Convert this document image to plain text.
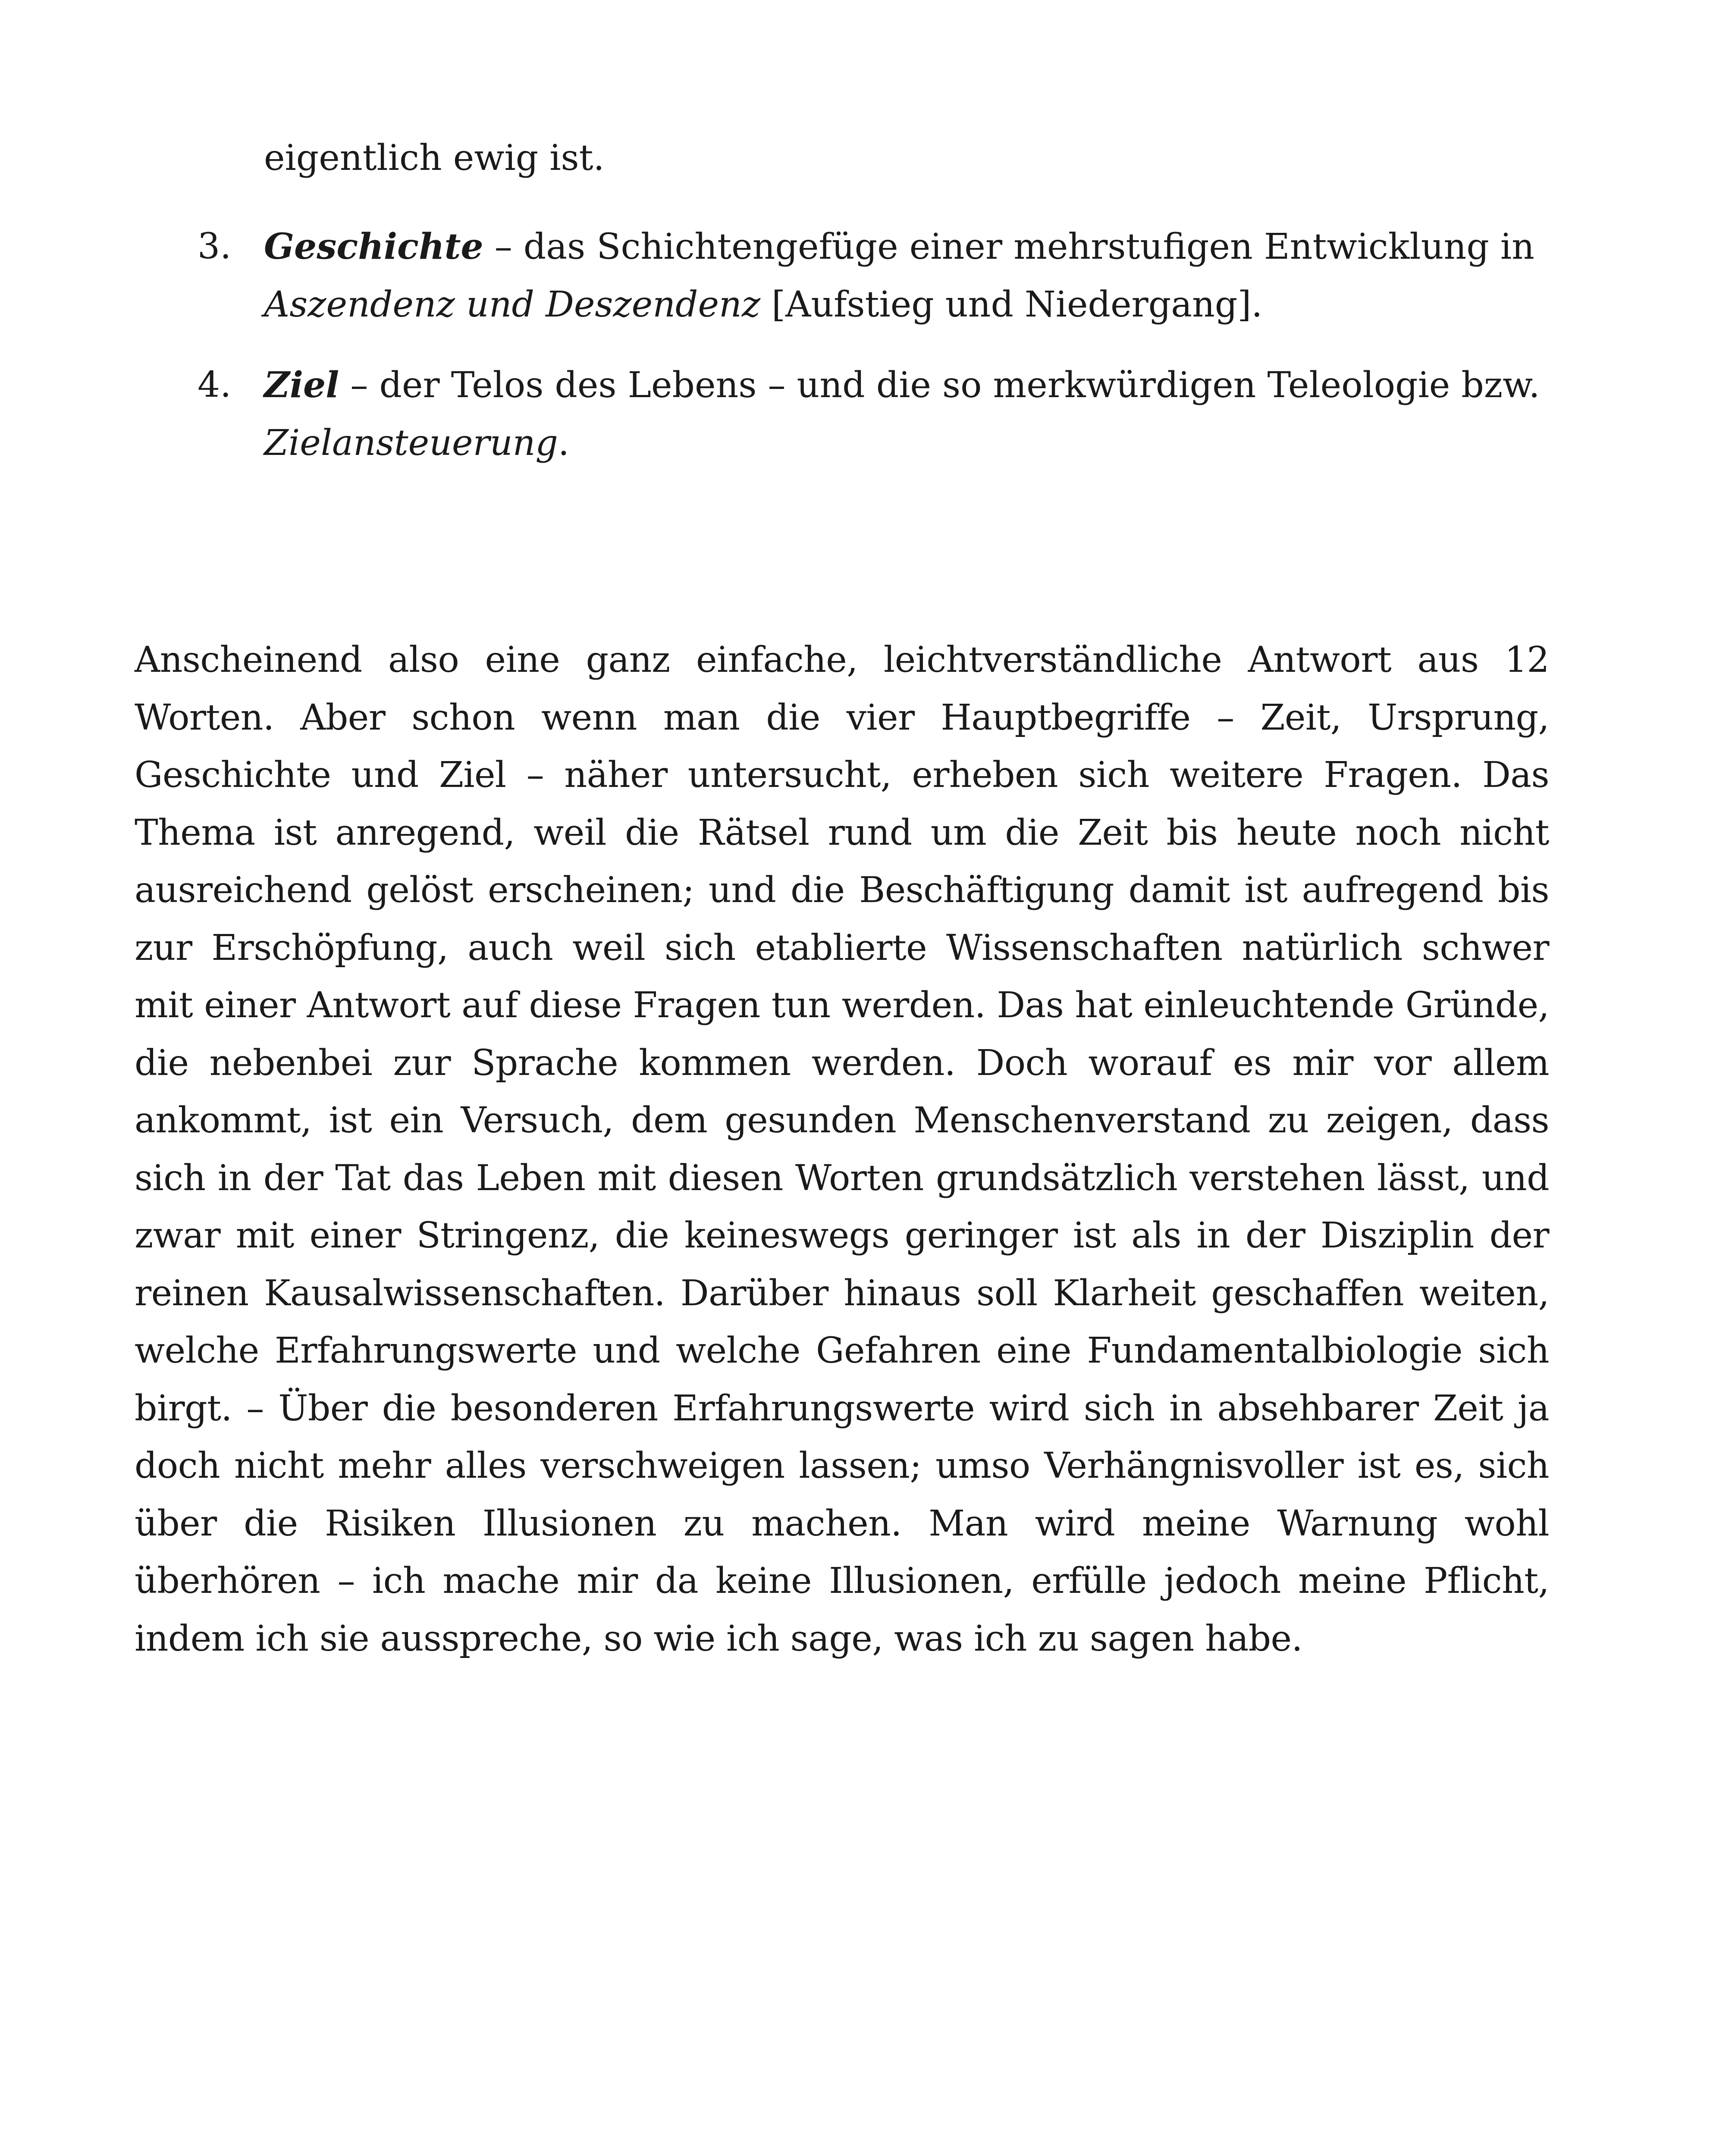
eigentlich ewig ist.
3. Geschichte – das Schichtengefüge einer mehrstufigen Entwicklung in Aszendenz und Deszendenz [Aufstieg und Niedergang].
4. Ziel – der Telos des Lebens – und die so merkwürdigen Teleologie bzw. Zielansteuerung.

Anscheinend also eine ganz einfache, leichtverständliche Antwort aus 12 Worten. Aber schon wenn man die vier Hauptbegriffe – Zeit, Ursprung, Geschichte und Ziel – näher untersucht, erheben sich weitere Fragen. Das Thema ist anregend, weil die Rätsel rund um die Zeit bis heute noch nicht ausreichend gelöst erscheinen; und die Beschäftigung damit ist aufregend bis zur Erschöpfung, auch weil sich etablierte Wissenschaften natürlich schwer mit einer Antwort auf diese Fragen tun werden. Das hat einleuchtende Gründe, die nebenbei zur Sprache kommen werden. Doch worauf es mir vor allem ankommt, ist ein Versuch, dem gesunden Menschenverstand zu zeigen, dass sich in der Tat das Leben mit diesen Worten grundsätzlich verstehen lässt, und zwar mit einer Stringenz, die keineswegs geringer ist als in der Disziplin der reinen Kausalwissenschaften. Darüber hinaus soll Klarheit geschaffen weiten, welche Erfahrungswerte und welche Gefahren eine Fundamentalbiologie sich birgt. – Über die besonderen Erfahrungswerte wird sich in absehbarer Zeit ja doch nicht mehr alles verschweigen lassen; umso Verhängnisvoller ist es, sich über die Risiken Illusionen zu machen. Man wird meine Warnung wohl überhören – ich mache mir da keine Illusionen, erfülle jedoch meine Pflicht, indem ich sie ausspreche, so wie ich sage, was ich zu sagen habe.
